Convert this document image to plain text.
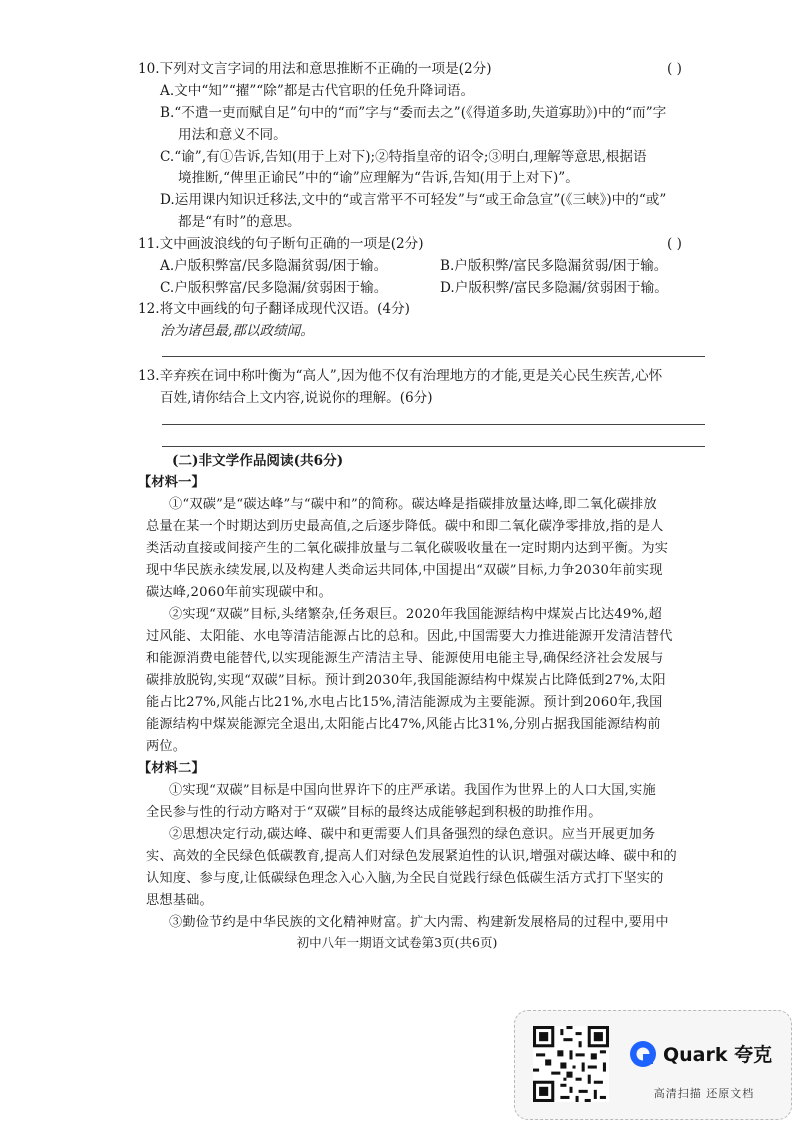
10.下列对文言字词的用法和意思推断不正确的一项是(2分)	( )
A.文中“知”“擢”“除”都是古代官职的任免升降词语。
B.“不遣一吏而赋自足”句中的“而”字与“委而去之”(《得道多助,失道寡助》)中的“而”字
用法和意义不同。
C.“谕”,有①告诉,告知(用于上对下);②特指皇帝的诏令;③明白,理解等意思,根据语
境推断,“俾里正谕民”中的“谕”应理解为“告诉,告知(用于上对下)”。
D.运用课内知识迁移法,文中的“或言常平不可轻发”与“或王命急宣”(《三峡》)中的“或”
都是“有时”的意思。
11.文中画波浪线的句子断句正确的一项是(2分)	( )
A.户版积弊富/民多隐漏贫弱/困于输。	B.户版积弊/富民多隐漏贫弱/困于输。
C.户版积弊富/民多隐漏/贫弱困于输。	D.户版积弊/富民多隐漏/贫弱困于输。
12.将文中画线的句子翻译成现代汉语。(4分)
治为诸邑最,郡以政绩闻。
13.辛弃疾在词中称叶衡为“高人”,因为他不仅有治理地方的才能,更是关心民生疾苦,心怀
百姓,请你结合上文内容,说说你的理解。(6分)
(二)非文学作品阅读(共6分)
【材料一】
①“双碳”是“碳达峰”与“碳中和”的简称。碳达峰是指碳排放量达峰,即二氧化碳排放
总量在某一个时期达到历史最高值,之后逐步降低。碳中和即二氧化碳净零排放,指的是人
类活动直接或间接产生的二氧化碳排放量与二氧化碳吸收量在一定时期内达到平衡。为实
现中华民族永续发展,以及构建人类命运共同体,中国提出“双碳”目标,力争2030年前实现
碳达峰,2060年前实现碳中和。
②实现“双碳”目标,头绪繁杂,任务艰巨。2020年我国能源结构中煤炭占比达49%,超
过风能、太阳能、水电等清洁能源占比的总和。因此,中国需要大力推进能源开发清洁替代
和能源消费电能替代,以实现能源生产清洁主导、能源使用电能主导,确保经济社会发展与
碳排放脱钩,实现“双碳”目标。预计到2030年,我国能源结构中煤炭占比降低到27%,太阳
能占比27%,风能占比21%,水电占比15%,清洁能源成为主要能源。预计到2060年,我国
能源结构中煤炭能源完全退出,太阳能占比47%,风能占比31%,分别占据我国能源结构前
两位。
【材料二】
①实现“双碳”目标是中国向世界许下的庄严承诺。我国作为世界上的人口大国,实施
全民参与性的行动方略对于“双碳”目标的最终达成能够起到积极的助推作用。
②思想决定行动,碳达峰、碳中和更需要人们具备强烈的绿色意识。应当开展更加务
实、高效的全民绿色低碳教育,提高人们对绿色发展紧迫性的认识,增强对碳达峰、碳中和的
认知度、参与度,让低碳绿色理念入心入脑,为全民自觉践行绿色低碳生活方式打下坚实的
思想基础。
③勤俭节约是中华民族的文化精神财富。扩大内需、构建新发展格局的过程中,要用中
初中八年一期语文试卷第3页(共6页)
Quark 夸克
高清扫描 还原文档
